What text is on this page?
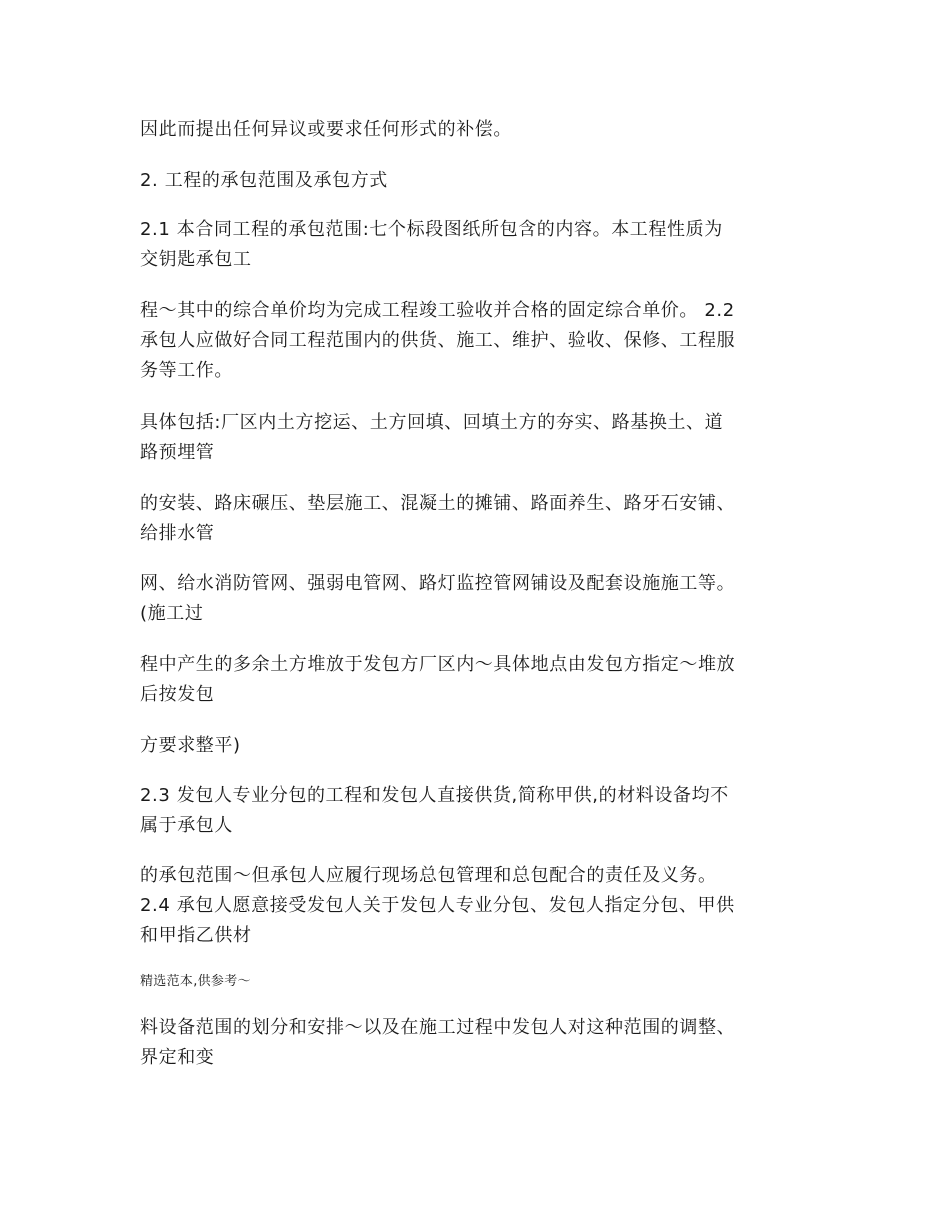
因此而提出任何异议或要求任何形式的补偿。

2. 工程的承包范围及承包方式

2.1 本合同工程的承包范围:七个标段图纸所包含的内容。本工程性质为
交钥匙承包工

程～其中的综合单价均为完成工程竣工验收并合格的固定综合单价。 2.2
承包人应做好合同工程范围内的供货、施工、维护、验收、保修、工程服
务等工作。

具体包括:厂区内土方挖运、土方回填、回填土方的夯实、路基换土、道
路预埋管

的安装、路床碾压、垫层施工、混凝土的摊铺、路面养生、路牙石安铺、
给排水管

网、给水消防管网、强弱电管网、路灯监控管网铺设及配套设施施工等。
(施工过

程中产生的多余土方堆放于发包方厂区内～具体地点由发包方指定～堆放
后按发包

方要求整平)

2.3 发包人专业分包的工程和发包人直接供货,简称甲供,的材料设备均不
属于承包人

的承包范围～但承包人应履行现场总包管理和总包配合的责任及义务。
2.4 承包人愿意接受发包人关于发包人专业分包、发包人指定分包、甲供
和甲指乙供材

精选范本,供参考～

料设备范围的划分和安排～以及在施工过程中发包人对这种范围的调整、
界定和变
